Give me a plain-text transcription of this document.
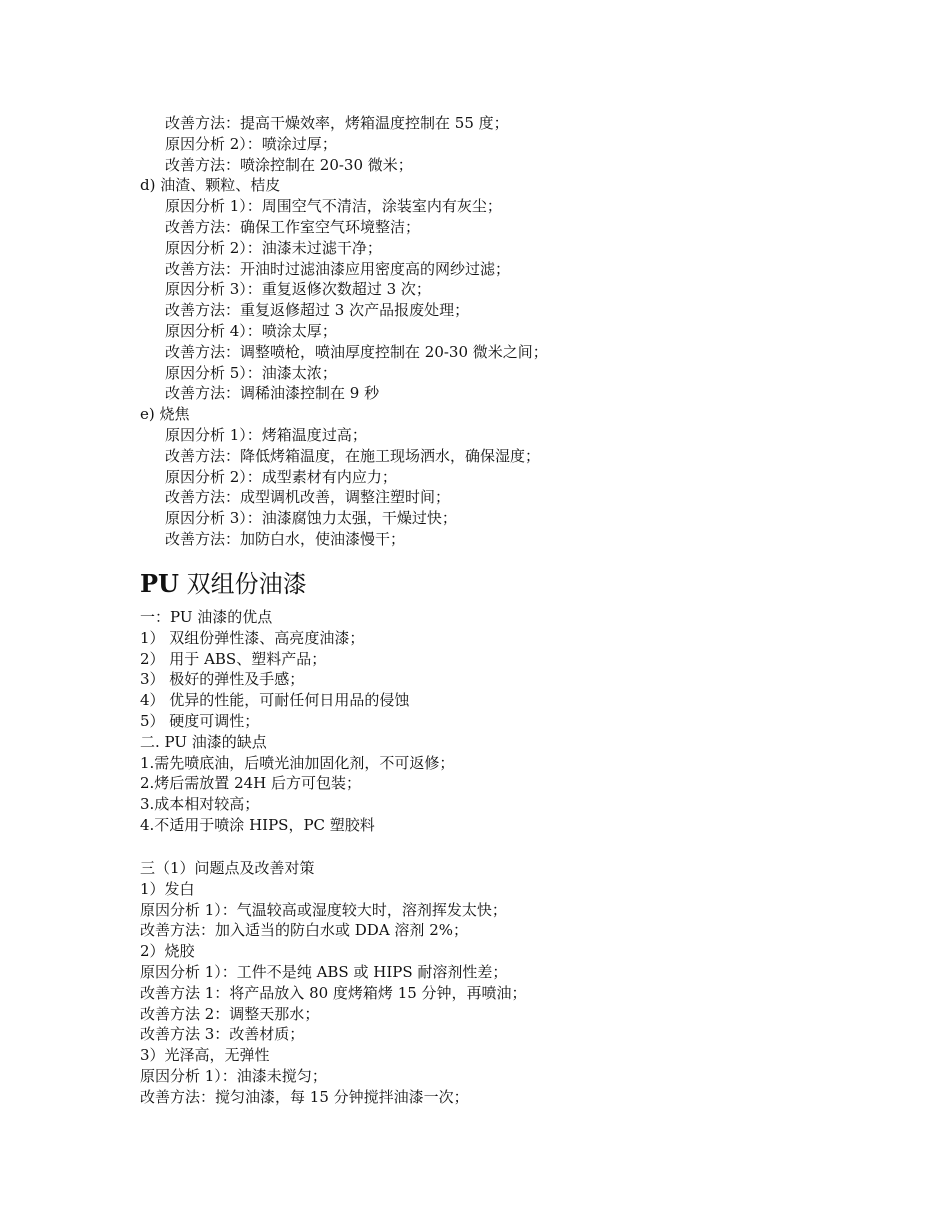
改善方法：提高干燥效率，烤箱温度控制在 55 度；
原因分析 2）：喷涂过厚；
改善方法：喷涂控制在 20-30 微米；
d) 油渣、颗粒、桔皮
原因分析 1）：周围空气不清洁，涂装室内有灰尘；
改善方法：确保工作室空气环境整洁；
原因分析 2）：油漆未过滤干净；
改善方法：开油时过滤油漆应用密度高的网纱过滤；
原因分析 3）：重复返修次数超过 3 次；
改善方法：重复返修超过 3 次产品报废处理；
原因分析 4）：喷涂太厚；
改善方法：调整喷枪，喷油厚度控制在 20-30 微米之间；
原因分析 5）：油漆太浓；
改善方法：调稀油漆控制在 9 秒
e) 烧焦
原因分析 1）：烤箱温度过高；
改善方法：降低烤箱温度，在施工现场洒水，确保湿度；
原因分析 2）：成型素材有内应力；
改善方法：成型调机改善，调整注塑时间；
原因分析 3）：油漆腐蚀力太强，干燥过快；
改善方法：加防白水，使油漆慢干；
PU 双组份油漆
一：PU 油漆的优点
1） 双组份弹性漆、高亮度油漆；
2） 用于 ABS、塑料产品；
3） 极好的弹性及手感；
4） 优异的性能，可耐任何日用品的侵蚀
5） 硬度可调性；
二. PU 油漆的缺点
1.需先喷底油，后喷光油加固化剂，不可返修；
2.烤后需放置 24H 后方可包装；
3.成本相对较高；
4.不适用于喷涂 HIPS，PC 塑胶料
三（1）问题点及改善对策
1）发白
原因分析 1）：气温较高或湿度较大时，溶剂挥发太快；
改善方法：加入适当的防白水或 DDA 溶剂 2%；
2）烧胶
原因分析 1）：工件不是纯 ABS 或 HIPS 耐溶剂性差；
改善方法 1：将产品放入 80 度烤箱烤 15 分钟，再喷油；
改善方法 2：调整天那水；
改善方法 3：改善材质；
3）光泽高，无弹性
原因分析 1）：油漆未搅匀；
改善方法：搅匀油漆，每 15 分钟搅拌油漆一次；
